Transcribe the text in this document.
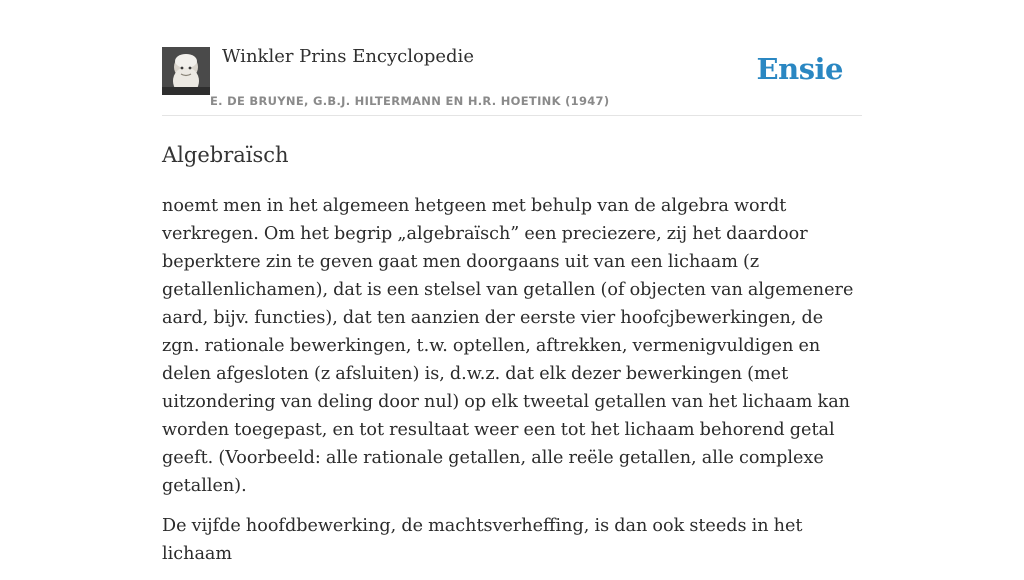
Winkler Prins Encyclopedie
E. DE BRUYNE, G.B.J. HILTERMANN EN H.R. HOETINK (1947)
Ensie
Algebraïsch

noemt men in het algemeen hetgeen met behulp van de algebra wordt verkregen. Om het begrip „algebraïsch” een preciezere, zij het daardoor beperktere zin te geven gaat men doorgaans uit van een lichaam (z getallenlichamen), dat is een stelsel van getallen (of objecten van algemenere aard, bijv. functies), dat ten aanzien der eerste vier hoofcjbewerkingen, de zgn. rationale bewerkingen, t.w. optellen, aftrekken, vermenigvuldigen en delen afgesloten (z afsluiten) is, d.w.z. dat elk dezer bewerkingen (met uitzondering van deling door nul) op elk tweetal getallen van het lichaam kan worden toegepast, en tot resultaat weer een tot het lichaam behorend getal geeft. (Voorbeeld: alle rationale getallen, alle reële getallen, alle complexe getallen).

De vijfde hoofdbewerking, de machtsverheffing, is dan ook steeds in het lichaam
